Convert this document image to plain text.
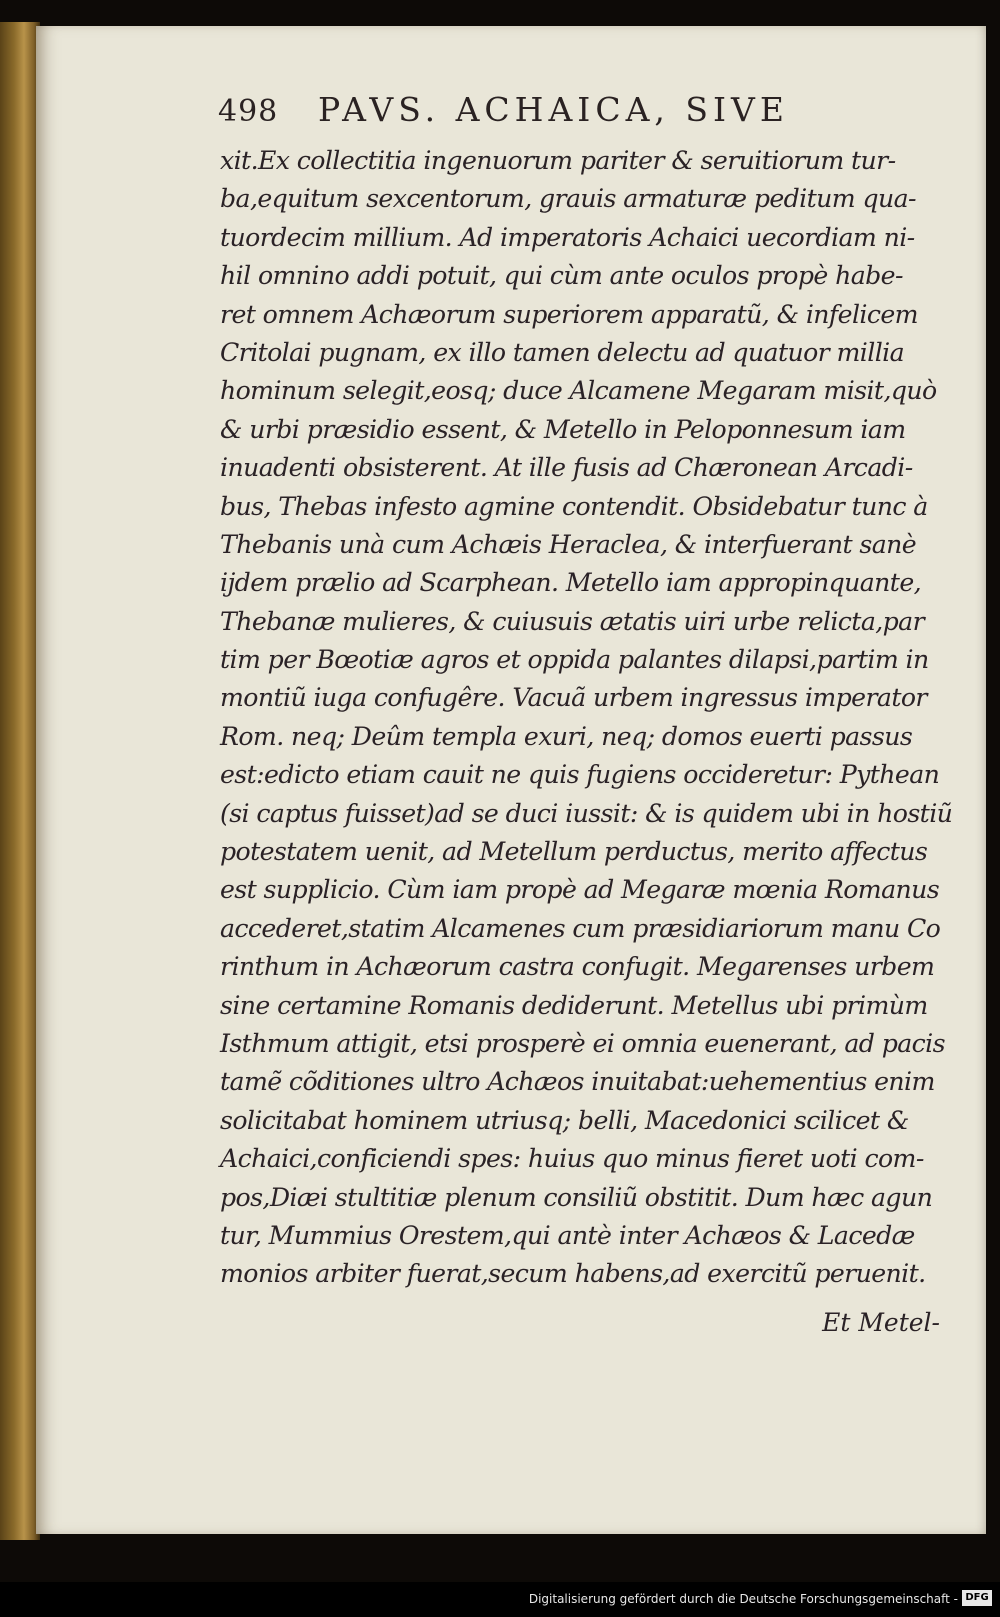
498 PAVS. ACHAICA, SIVE
xit.Ex collectitia ingenuorum pariter & seruitiorum tur-
ba,equitum sexcentorum, grauis armaturæ peditum qua-
tuordecim millium. Ad imperatoris Achaici uecordiam ni-
hil omnino addi potuit, qui cùm ante oculos propè habe-
ret omnem Achæorum superiorem apparatũ, & infelicem
Critolai pugnam, ex illo tamen delectu ad quatuor millia
hominum selegit,eosq; duce Alcamene Megaram misit,quò
& urbi præsidio essent, & Metello in Peloponnesum iam
inuadenti obsisterent. At ille fusis ad Chæronean Arcadi-
bus, Thebas infesto agmine contendit. Obsidebatur tunc à
Thebanis unà cum Achæis Heraclea, & interfuerant sanè
ijdem prælio ad Scarphean. Metello iam appropinquante,
Thebanæ mulieres, & cuiusuis ætatis uiri urbe relicta,par
tim per Bœotiæ agros et oppida palantes dilapsi,partim in
montiũ iuga confugêre. Vacuã urbem ingressus imperator
Rom. neq; Deûm templa exuri, neq; domos euerti passus
est:edicto etiam cauit ne quis fugiens occideretur: Pythean
(si captus fuisset)ad se duci iussit: & is quidem ubi in hostiũ
potestatem uenit, ad Metellum perductus, merito affectus
est supplicio. Cùm iam propè ad Megaræ mœnia Romanus
accederet,statim Alcamenes cum præsidiariorum manu Co
rinthum in Achæorum castra confugit. Megarenses urbem
sine certamine Romanis dediderunt. Metellus ubi primùm
Isthmum attigit, etsi prosperè ei omnia euenerant, ad pacis
tamẽ cõditiones ultro Achæos inuitabat:uehementius enim
solicitabat hominem utriusq; belli, Macedonici scilicet &
Achaici,conficiendi spes: huius quo minus fieret uoti com-
pos,Diæi stultitiæ plenum consiliũ obstitit. Dum hæc agun
tur, Mummius Orestem,qui antè inter Achæos & Lacedæ
monios arbiter fuerat,secum habens,ad exercitũ peruenit.
Et Metel-
Digitalisierung gefördert durch die Deutsche Forschungsgemeinschaft - DFG
